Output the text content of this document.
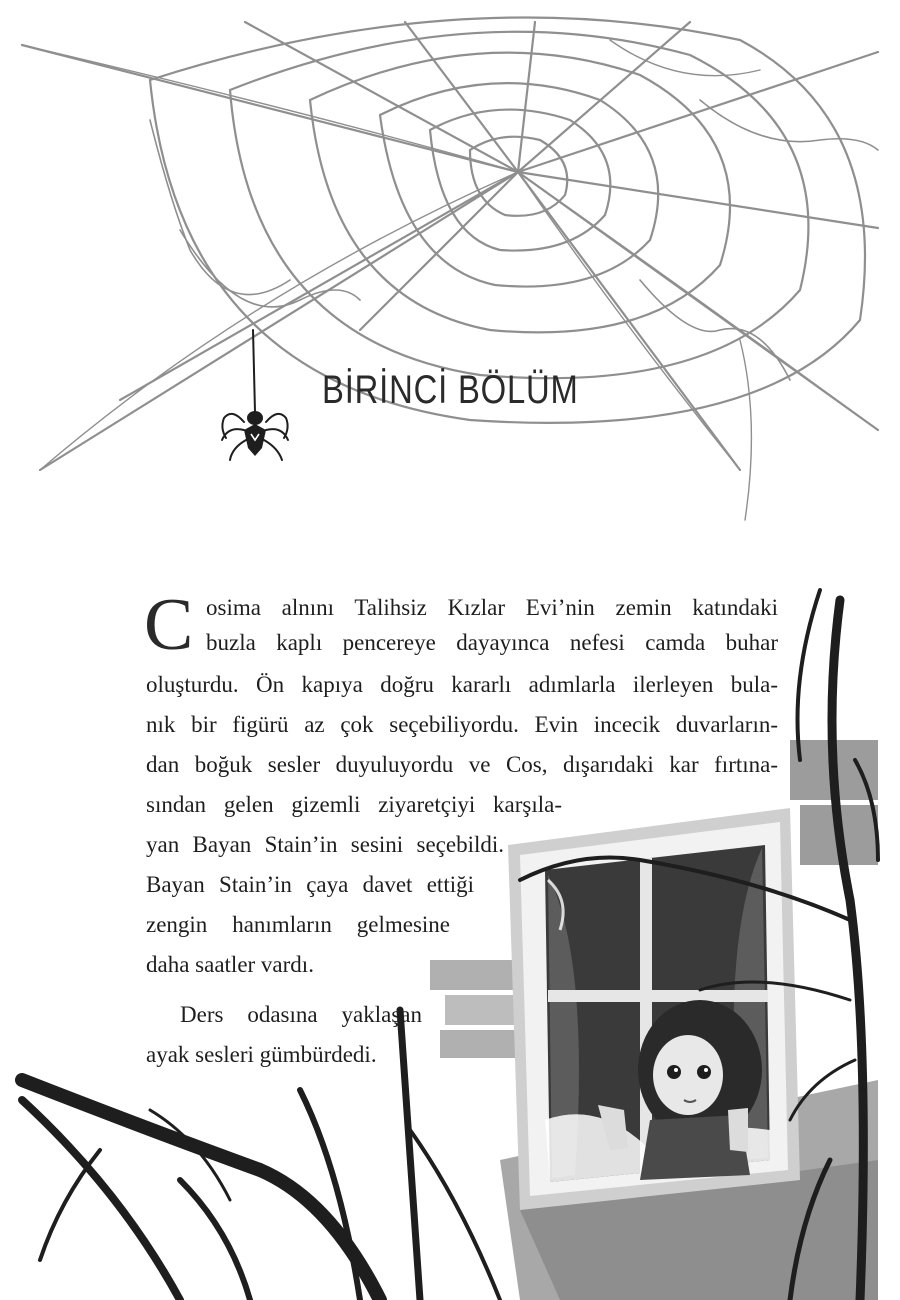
BİRİNCİ BÖLÜM
C osima alnını Talihsiz Kızlar Evi’nin zemin katındaki
buzla kaplı pencereye dayayınca nefesi camda buhar
oluşturdu. Ön kapıya doğru kararlı adımlarla ilerleyen bula-
nık bir figürü az çok seçebiliyordu. Evin incecik duvarların-
dan boğuk sesler duyuluyordu ve Cos, dışarıdaki kar fırtına-
sından gelen gizemli ziyaretçiyi karşıla-
yan Bayan Stain’in sesini seçebildi.
Bayan Stain’in çaya davet ettiği
zengin hanımların gelmesine
daha saatler vardı.
Ders odasına yaklaşan
ayak sesleri gümbürdedi.
